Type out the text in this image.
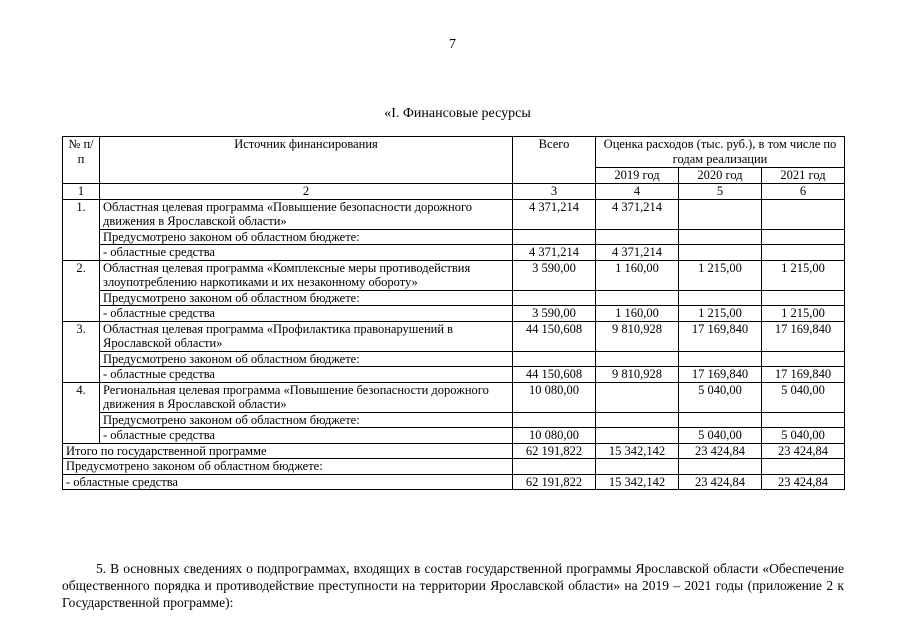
7
«I. Финансовые ресурсы
№ п/п	Источник финансирования	Всего	Оценка расходов (тыс. руб.), в том числе по годам реализации		
			2019 год	2020 год	2021 год
1	2	3	4	5	6
1.	Областная целевая программа «Повышение безопасности дорожного движения в Ярославской области»	4 371,214	4 371,214		
	Предусмотрено законом об областном бюджете:				
	- областные средства	4 371,214	4 371,214		
2.	Областная целевая программа «Комплексные меры противодействия злоупотреблению наркотиками и их незаконному обороту»	3 590,00	1 160,00	1 215,00	1 215,00
	Предусмотрено законом об областном бюджете:				
	- областные средства	3 590,00	1 160,00	1 215,00	1 215,00
3.	Областная целевая программа «Профилактика правонарушений в Ярославской области»	44 150,608	9 810,928	17 169,840	17 169,840
	Предусмотрено законом об областном бюджете:				
	- областные средства	44 150,608	9 810,928	17 169,840	17 169,840
4.	Региональная целевая программа «Повышение безопасности дорожного движения в Ярославской области»	10 080,00		5 040,00	5 040,00
	Предусмотрено законом об областном бюджете:				
	- областные средства	10 080,00		5 040,00	5 040,00
Итого по государственной программе		62 191,822	15 342,142	23 424,84	23 424,84
Предусмотрено законом об областном бюджете:					
- областные средства		62 191,822	15 342,142	23 424,84	23 424,84
5. В основных сведениях о подпрограммах, входящих в состав государственной программы Ярославской области «Обеспечение общественного порядка и противодействие преступности на территории Ярославской области» на 2019 – 2021 годы (приложение 2 к Государственной программе):
